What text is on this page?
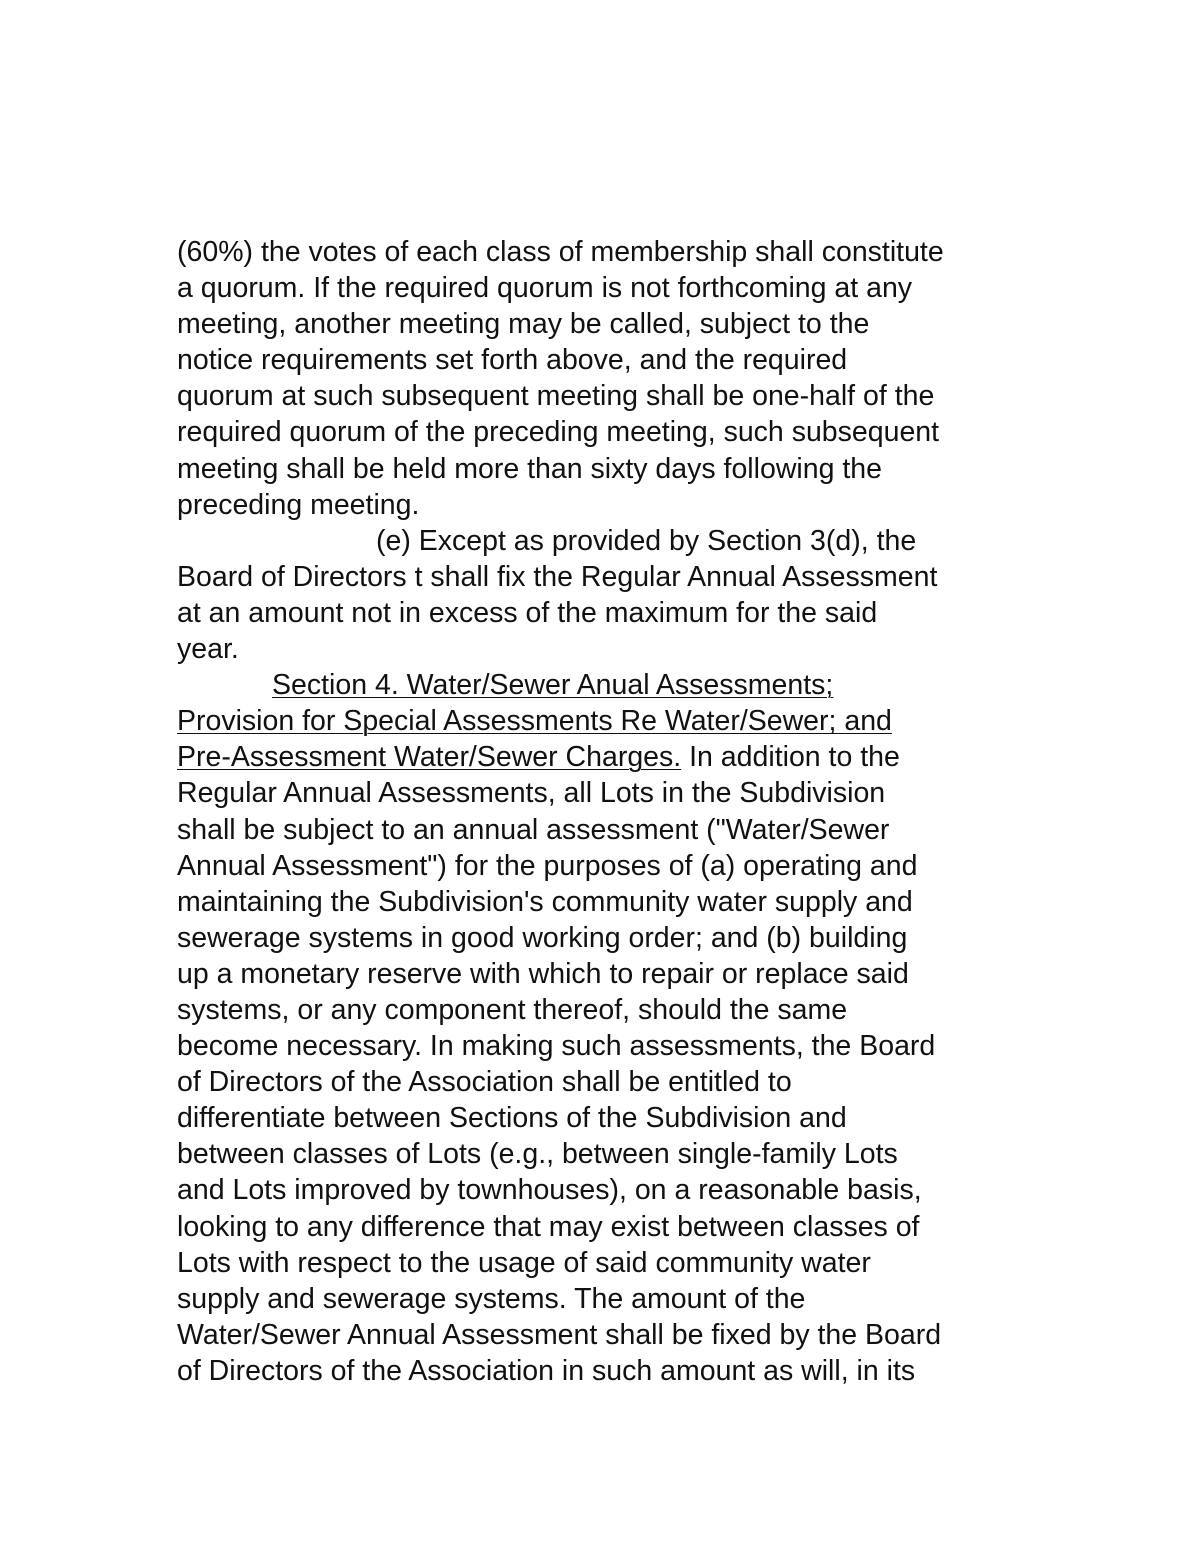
(60%) the votes of each class of membership shall constitute
a quorum. If the required quorum is not forthcoming at any
meeting, another meeting may be called, subject to the
notice requirements set forth above, and the required
quorum at such subsequent meeting shall be one-half of the
required quorum of the preceding meeting, such subsequent
meeting shall be held more than sixty days following the
preceding meeting.
(e) Except as provided by Section 3(d), the
Board of Directors t shall fix the Regular Annual Assessment
at an amount not in excess of the maximum for the said
year.
Section 4. Water/Sewer Anual Assessments;
Provision for Special Assessments Re Water/Sewer; and
Pre-Assessment Water/Sewer Charges. In addition to the
Regular Annual Assessments, all Lots in the Subdivision
shall be subject to an annual assessment ("Water/Sewer
Annual Assessment") for the purposes of (a) operating and
maintaining the Subdivision's community water supply and
sewerage systems in good working order; and (b) building
up a monetary reserve with which to repair or replace said
systems, or any component thereof, should the same
become necessary. In making such assessments, the Board
of Directors of the Association shall be entitled to
differentiate between Sections of the Subdivision and
between classes of Lots (e.g., between single-family Lots
and Lots improved by townhouses), on a reasonable basis,
looking to any difference that may exist between classes of
Lots with respect to the usage of said community water
supply and sewerage systems. The amount of the
Water/Sewer Annual Assessment shall be fixed by the Board
of Directors of the Association in such amount as will, in its
